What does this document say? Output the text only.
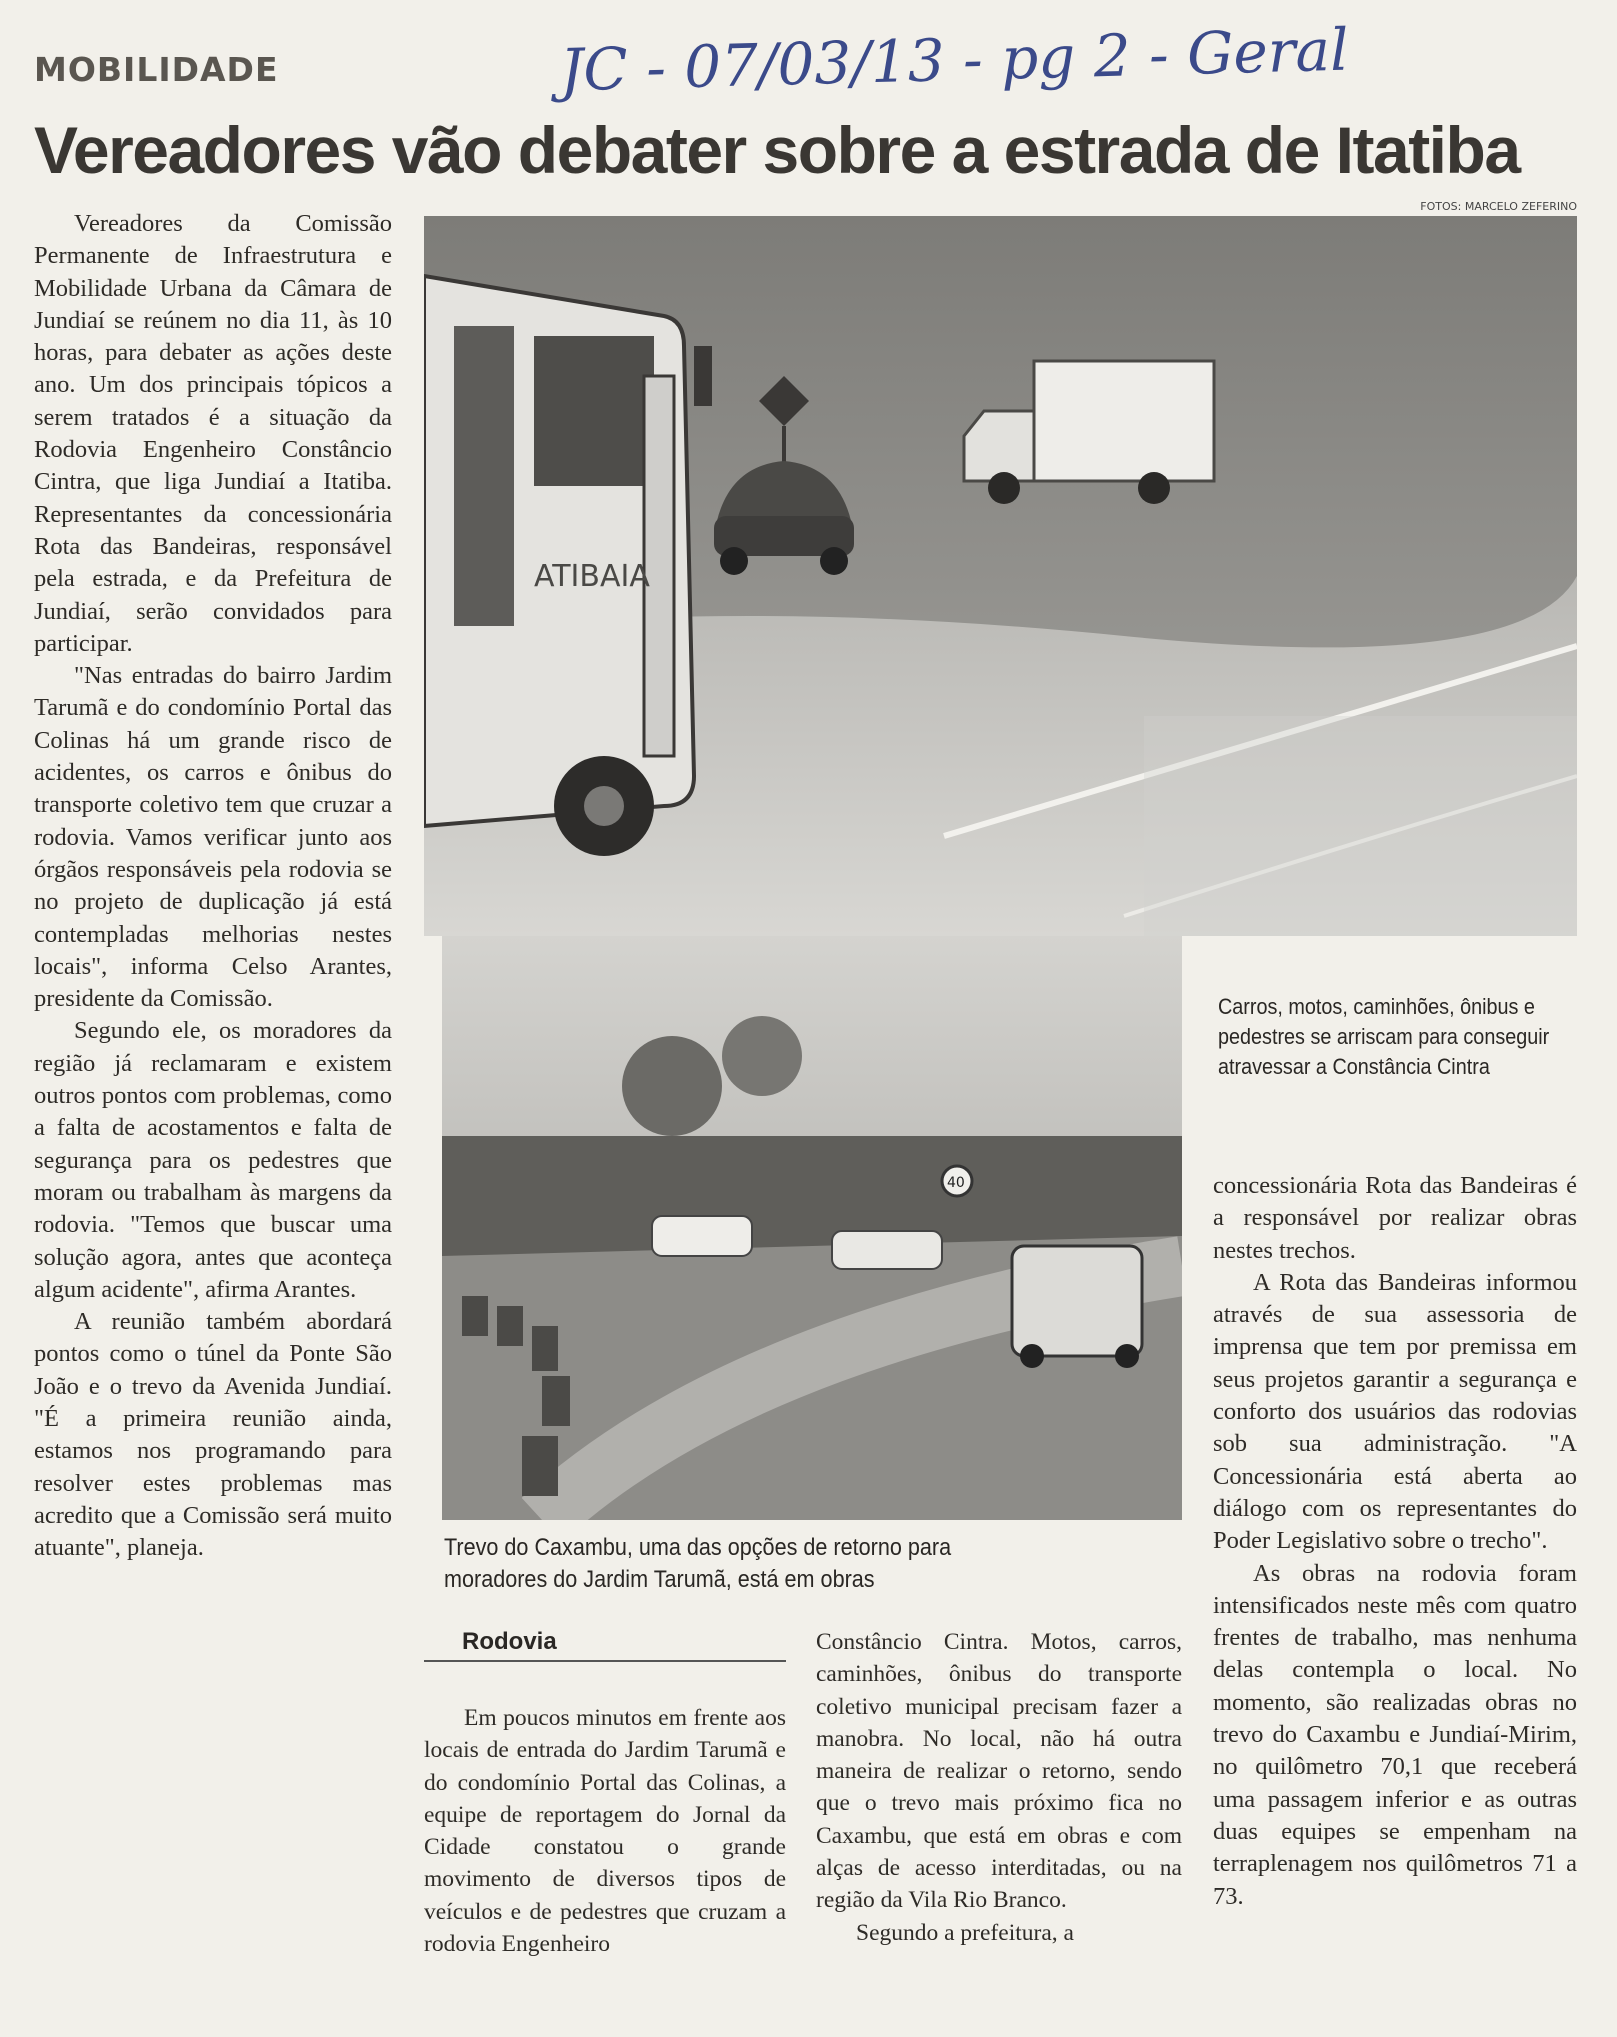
MOBILIDADE	JC - 07/03/13 - pg 2 - Geral
Vereadores vão debater sobre a estrada de Itatiba
FOTOS: MARCELO ZEFERINO

Vereadores da Comissão Permanente de Infraestrutura e Mobilidade Urbana da Câmara de Jundiaí se reúnem no dia 11, às 10 horas, para debater as ações deste ano. Um dos principais tópicos a serem tratados é a situação da Rodovia Engenheiro Constâncio Cintra, que liga Jundiaí a Itatiba. Representantes da concessionária Rota das Bandeiras, responsável pela estrada, e da Prefeitura de Jundiaí, serão convidados para participar.

"Nas entradas do bairro Jardim Tarumã e do condomínio Portal das Colinas há um grande risco de acidentes, os carros e ônibus do transporte coletivo tem que cruzar a rodovia. Vamos verificar junto aos órgãos responsáveis pela rodovia se no projeto de duplicação já está contempladas melhorias nestes locais", informa Celso Arantes, presidente da Comissão.

Segundo ele, os moradores da região já reclamaram e existem outros pontos com problemas, como a falta de acostamentos e falta de segurança para os pedestres que moram ou trabalham às margens da rodovia. "Temos que buscar uma solução agora, antes que aconteça algum acidente", afirma Arantes.

A reunião também abordará pontos como o túnel da Ponte São João e o trevo da Avenida Jundiaí. "É a primeira reunião ainda, estamos nos programando para resolver estes problemas mas acredito que a Comissão será muito atuante", planeja.

ATIBAIA
Carros, motos, caminhões, ônibus e pedestres se arriscam para conseguir atravessar a Constância Cintra
40
Trevo do Caxambu, uma das opções de retorno para moradores do Jardim Tarumã, está em obras
Rodovia

Em poucos minutos em frente aos locais de entrada do Jardim Tarumã e do condomínio Portal das Colinas, a equipe de reportagem do Jornal da Cidade constatou o grande movimento de diversos tipos de veículos e de pedestres que cruzam a rodovia Engenheiro

Constâncio Cintra. Motos, carros, caminhões, ônibus do transporte coletivo municipal precisam fazer a manobra. No local, não há outra maneira de realizar o retorno, sendo que o trevo mais próximo fica no Caxambu, que está em obras e com alças de acesso interditadas, ou na região da Vila Rio Branco.

Segundo a prefeitura, a

concessionária Rota das Bandeiras é a responsável por realizar obras nestes trechos.

A Rota das Bandeiras informou através de sua assessoria de imprensa que tem por premissa em seus projetos garantir a segurança e conforto dos usuários das rodovias sob sua administração. "A Concessionária está aberta ao diálogo com os representantes do Poder Legislativo sobre o trecho".

As obras na rodovia foram intensificados neste mês com quatro frentes de trabalho, mas nenhuma delas contempla o local. No momento, são realizadas obras no trevo do Caxambu e Jundiaí-Mirim, no quilômetro 70,1 que receberá uma passagem inferior e as outras duas equipes se empenham na terraplenagem nos quilômetros 71 a 73.
